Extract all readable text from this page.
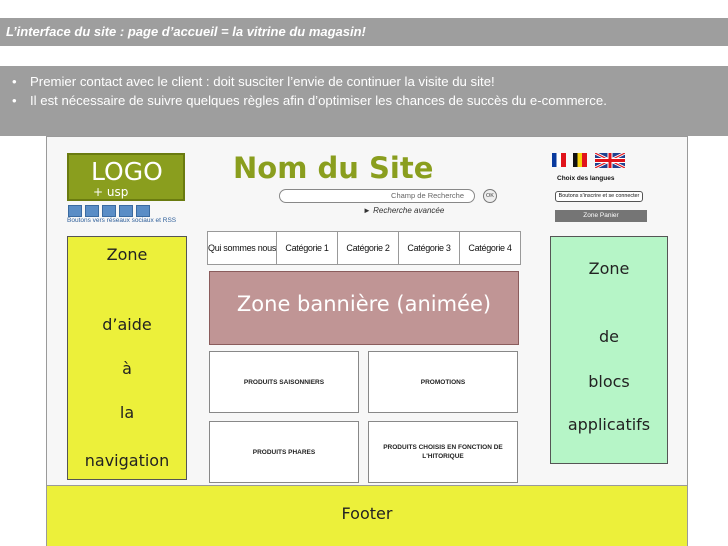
L’interface du site : page d’accueil = la vitrine du magasin!
• Premier contact avec le client : doit susciter l’envie de continuer la visite du site!
• Il est nécessaire de suivre quelques règles afin d’optimiser les chances de succès du e-commerce.
LOGO
+ usp
Boutons vers réseaux sociaux et RSS
Nom du Site
Champ de Recherche	OK
► Recherche avancée
Choix des langues
Boutons s'inscrire et se connecter
Zone Panier
Qui sommes nous	Catégorie 1	Catégorie 2	Catégorie 3	Catégorie 4
Zone
d’aide
à
la
navigation
Zone bannière (animée)
PRODUITS SAISONNIERS	PROMOTIONS
PRODUITS PHARES
PRODUITS CHOISIS EN FONCTION DE L'HITORIQUE
Zone
de
blocs
applicatifs
Footer
